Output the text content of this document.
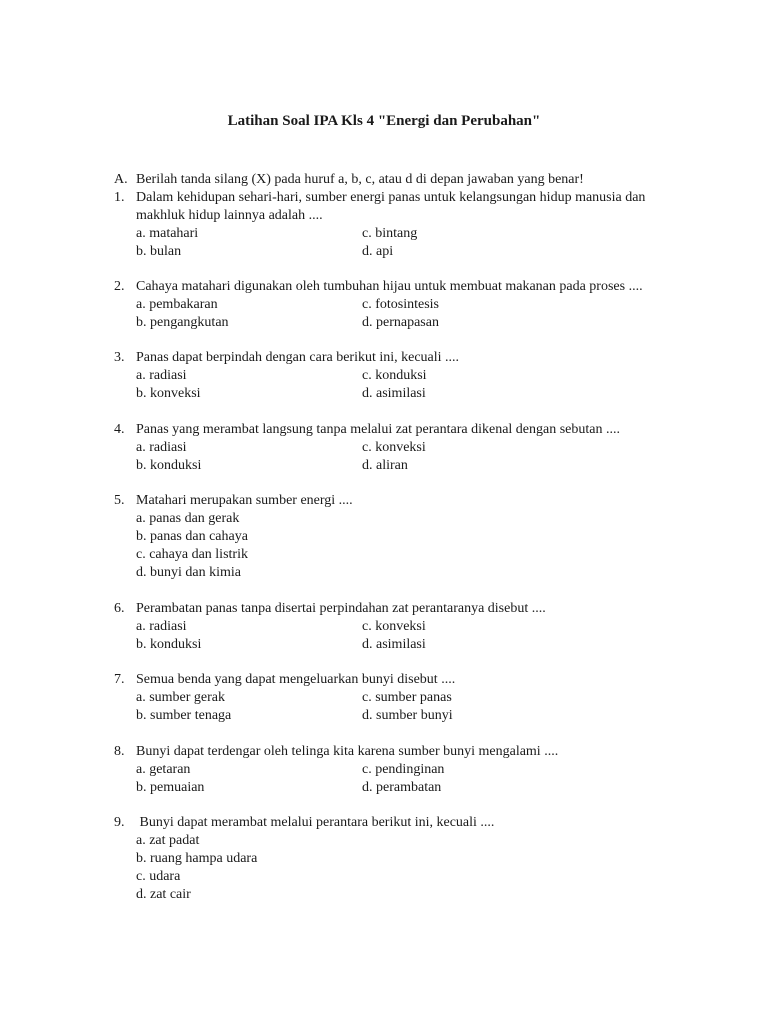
Latihan Soal IPA Kls 4 "Energi dan Perubahan"
A. Berilah tanda silang (X) pada huruf a, b, c, atau d di depan jawaban yang benar!
1. Dalam kehidupan sehari-hari, sumber energi panas untuk kelangsungan hidup manusia dan
makhluk hidup lainnya adalah ....
a. matahari	c. bintang
b. bulan	d. api
2. Cahaya matahari digunakan oleh tumbuhan hijau untuk membuat makanan pada proses ....
a. pembakaran	c. fotosintesis
b. pengangkutan	d. pernapasan
3. Panas dapat berpindah dengan cara berikut ini, kecuali ....
a. radiasi	c. konduksi
b. konveksi	d. asimilasi
4. Panas yang merambat langsung tanpa melalui zat perantara dikenal dengan sebutan ....
a. radiasi	c. konveksi
b. konduksi	d. aliran
5. Matahari merupakan sumber energi ....
a. panas dan gerak
b. panas dan cahaya
c. cahaya dan listrik
d. bunyi dan kimia
6. Perambatan panas tanpa disertai perpindahan zat perantaranya disebut ....
a. radiasi	c. konveksi
b. konduksi	d. asimilasi
7. Semua benda yang dapat mengeluarkan bunyi disebut ....
a. sumber gerak	c. sumber panas
b. sumber tenaga	d. sumber bunyi
8. Bunyi dapat terdengar oleh telinga kita karena sumber bunyi mengalami ....
a. getaran	c. pendinginan
b. pemuaian	d. perambatan
9. Bunyi dapat merambat melalui perantara berikut ini, kecuali ....
a. zat padat
b. ruang hampa udara
c. udara
d. zat cair
